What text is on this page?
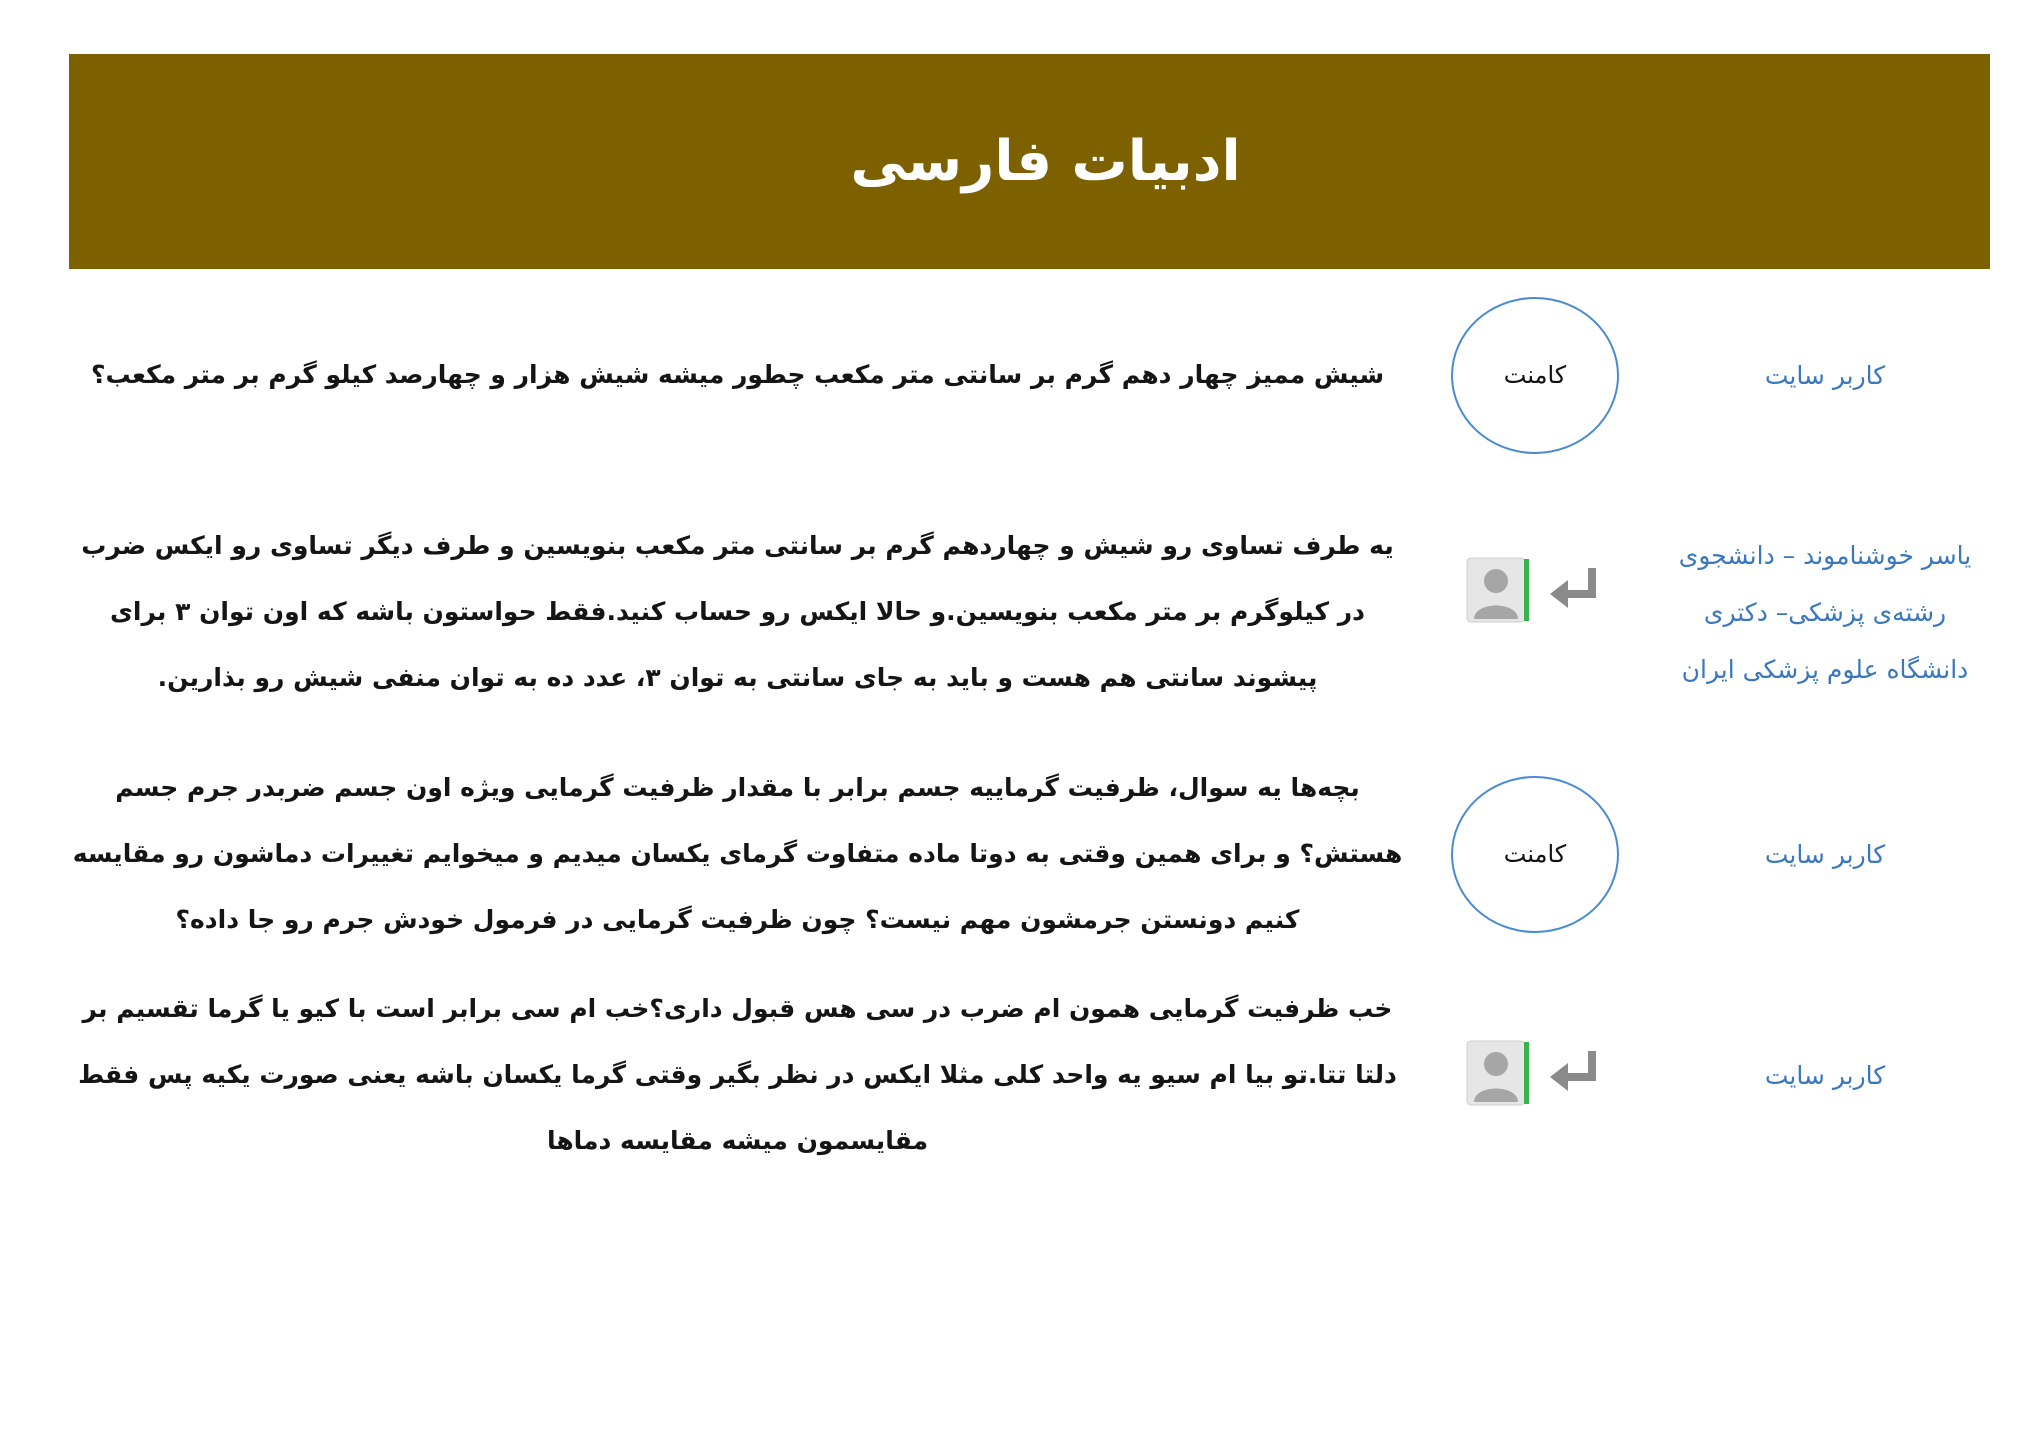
ادبیات فارسی
کاربر سایت
کامنت
شیش ممیز چهار دهم گرم بر سانتی متر مکعب چطور میشه شیش هزار و چهارصد کیلو گرم بر متر مکعب؟
یاسر خوشناموند – دانشجوی رشته‌ی پزشکی– دکتری دانشگاه علوم پزشکی ایران
یه طرف تساوی رو شیش و چهاردهم گرم بر سانتی متر مکعب بنویسین و طرف دیگر تساوی رو ایکس ضرب در کیلوگرم بر متر مکعب بنویسین.و حالا ایکس رو حساب کنید.فقط حواستون باشه که اون توان ۳ برای پیشوند سانتی هم هست و باید به جای سانتی به توان ۳، عدد ده به توان منفی شیش رو بذارین.
کاربر سایت
کامنت
بچه‌ها یه سوال، ظرفیت گرماییه جسم برابر با مقدار ظرفیت گرمایی ویژه اون جسم ضربدر جرم جسم هستش؟ و برای همین وقتی به دوتا ماده متفاوت گرمای یکسان میدیم و میخوایم تغییرات دماشون رو مقایسه کنیم دونستن جرمشون مهم نیست؟ چون ظرفیت گرمایی در فرمول خودش جرم رو جا داده؟
کاربر سایت
خب ظرفیت گرمایی همون ام ضرب در سی هس قبول داری؟خب ام سی برابر است با کیو یا گرما تقسیم بر دلتا تتا.تو بیا ام سیو یه واحد کلی مثلا ایکس در نظر بگیر وقتی گرما یکسان باشه یعنی صورت یکیه پس فقط مقایسمون میشه مقایسه دماها
